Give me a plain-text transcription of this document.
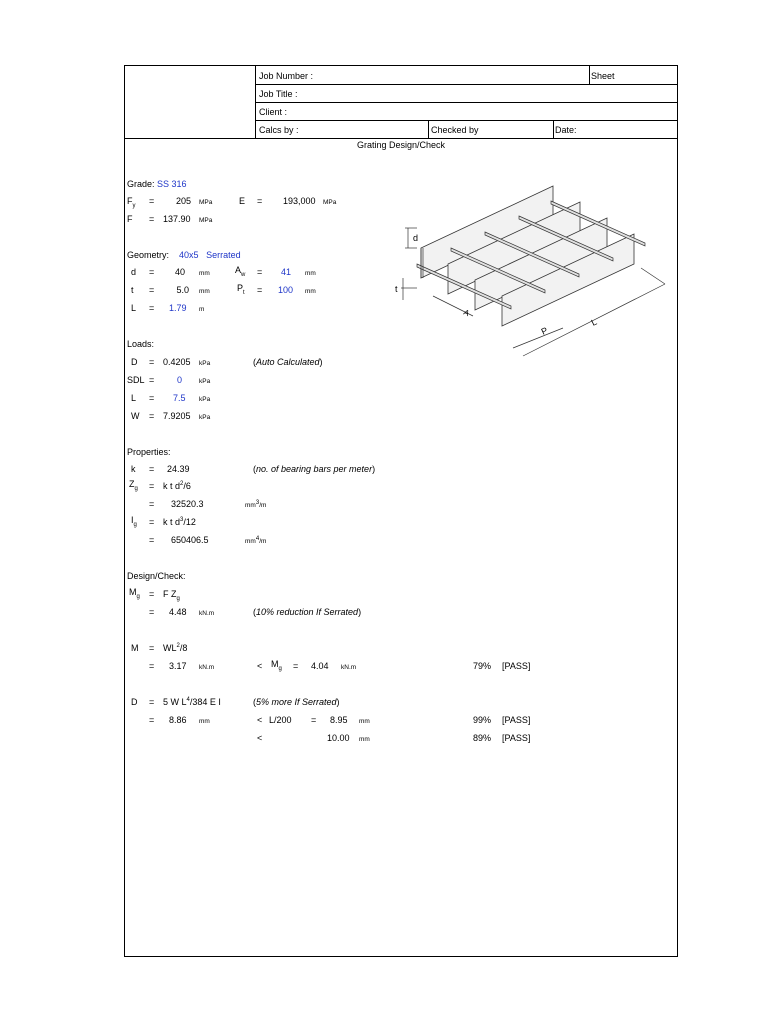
Job Number :	Sheet
Job Title :
Client :
Calcs by :	Checked by	Date:
Grating Design/Check
Grade: SS 316
$F_y$ =	205 MPa	E = 193,000 MPa
F = 137.90 MPa
Geometry: 40x5 Serrated
d =	40 mm	$A_w = 41$ mm
t =	5.0 mm	$P_t = 100$ mm
L = 1.79 m
Loads:
D = 0.4205 kPa	(Auto Calculated)
SDL =	0	kPa
L = 7.5 kPa
W = 7.9205 kPa
Properties:
k = 24.39	(no. of bearing bars per meter)
$Z_g = k$ t $d^2/6$
= 32520.3	$mm^3/m$
$I_g = k$ t $d^3/12$
= 650406.5	$mm^4/m$
Design/Check:
$M_g = F$ $Z_g$
= 4.48 kN.m	(10% reduction If Serrated)
$M = WL^2/8$
= 3.17 kN.m	< $M_g = 4.04$ kN.m	79% [PASS]
D = 5 W $L^4/384$ E I	(5% more If Serrated)
= 8.86 mm	< L/200 = 8.95 mm	99% [PASS]
<	10.00 mm	89% [PASS]
d
t
P
L
A
